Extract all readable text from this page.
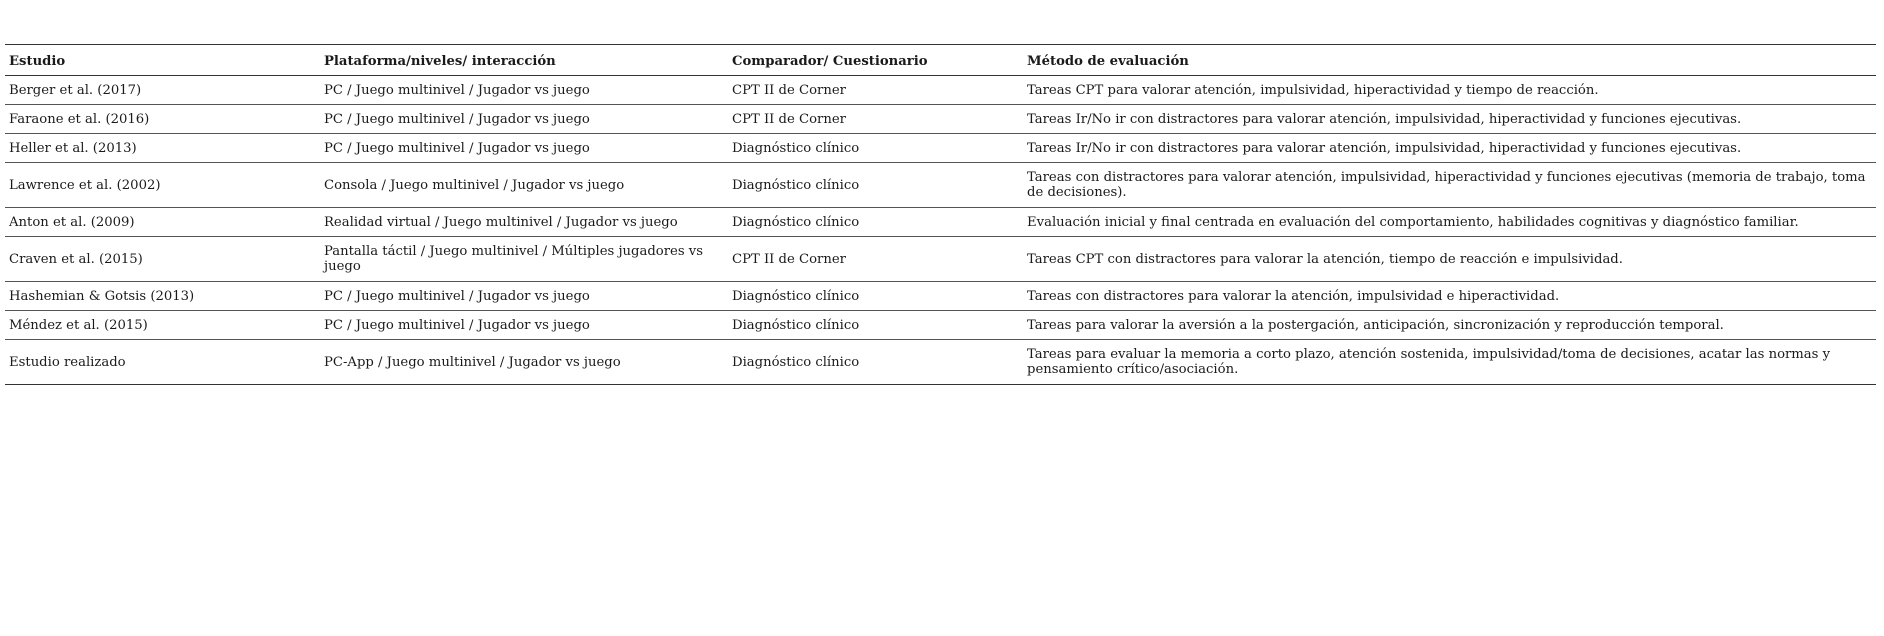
Estudio	Plataforma/niveles/ interacción	Comparador/ Cuestionario	Método de evaluación
Berger et al. (2017)	PC / Juego multinivel / Jugador vs juego	CPT II de Corner	Tareas CPT para valorar atención, impulsividad, hiperactividad y tiempo de reacción.
Faraone et al. (2016)	PC / Juego multinivel / Jugador vs juego	CPT II de Corner	Tareas Ir/No ir con distractores para valorar atención, impulsividad, hiperactividad y funciones ejecutivas.
Heller et al. (2013)	PC / Juego multinivel / Jugador vs juego	Diagnóstico clínico	Tareas Ir/No ir con distractores para valorar atención, impulsividad, hiperactividad y funciones ejecutivas.
Lawrence et al. (2002)	Consola / Juego multinivel / Jugador vs juego	Diagnóstico clínico	Tareas con distractores para valorar atención, impulsividad, hiperactividad y funciones ejecutivas (memoria de trabajo, toma de decisiones).
Anton et al. (2009)	Realidad virtual / Juego multinivel / Jugador vs juego	Diagnóstico clínico	Evaluación inicial y final centrada en evaluación del comportamiento, habilidades cognitivas y diagnóstico familiar.
Craven et al. (2015)	Pantalla táctil / Juego multinivel / Múltiples jugadores vs juego	CPT II de Corner	Tareas CPT con distractores para valorar la atención, tiempo de reacción e impulsividad.
Hashemian & Gotsis (2013)	PC / Juego multinivel / Jugador vs juego	Diagnóstico clínico	Tareas con distractores para valorar la atención, impulsividad e hiperactividad.
Méndez et al. (2015)	PC / Juego multinivel / Jugador vs juego	Diagnóstico clínico	Tareas para valorar la aversión a la postergación, anticipación, sincronización y reproducción temporal.
Estudio realizado	PC-App / Juego multinivel / Jugador vs juego	Diagnóstico clínico	Tareas para evaluar la memoria a corto plazo, atención sostenida, impulsividad/toma de decisiones, acatar las normas y pensamiento crítico/asociación.
